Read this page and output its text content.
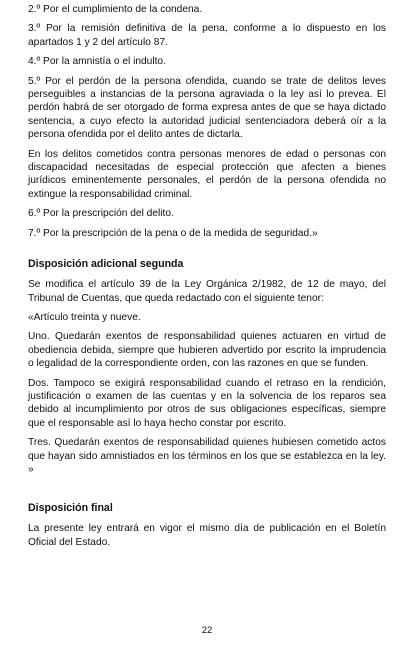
2.º Por el cumplimiento de la condena.

3.º Por la remisión definitiva de la pena, conforme a lo dispuesto en los apartados 1 y 2 del artículo 87.

4.º Por la amnistía o el indulto.

5.º Por el perdón de la persona ofendida, cuando se trate de delitos leves perseguibles a instancias de la persona agraviada o la ley así lo prevea. El perdón habrá de ser otorgado de forma expresa antes de que se haya dictado sentencia, a cuyo efecto la autoridad judicial sentenciadora deberá oír a la persona ofendida por el delito antes de dictarla.

En los delitos cometidos contra personas menores de edad o personas con discapacidad necesitadas de especial protección que afecten a bienes jurídicos eminentemente personales, el perdón de la persona ofendida no extingue la responsabilidad criminal.

6.º Por la prescripción del delito.

7.º Por la prescripción de la pena o de la medida de seguridad.»

Disposición adicional segunda

Se modifica el artículo 39 de la Ley Orgánica 2/1982, de 12 de mayo, del Tribunal de Cuentas, que queda redactado con el siguiente tenor:

«Artículo treinta y nueve.

Uno. Quedarán exentos de responsabilidad quienes actuaren en virtud de obediencia debida, siempre que hubieren advertido por escrito la imprudencia o legalidad de la correspondiente orden, con las razones en que se funden.

Dos. Tampoco se exigirá responsabilidad cuando el retraso en la rendición, justificación o examen de las cuentas y en la solvencia de los reparos sea debido al incumplimiento por otros de sus obligaciones específicas, siempre que el responsable así lo haya hecho constar por escrito.

Tres. Quedarán exentos de responsabilidad quienes hubiesen cometido actos que hayan sido amnistiados en los términos en los que se establezca en la ley. »

Disposición final

La presente ley entrará en vigor el mismo día de publicación en el Boletín Oficial del Estado.

22
